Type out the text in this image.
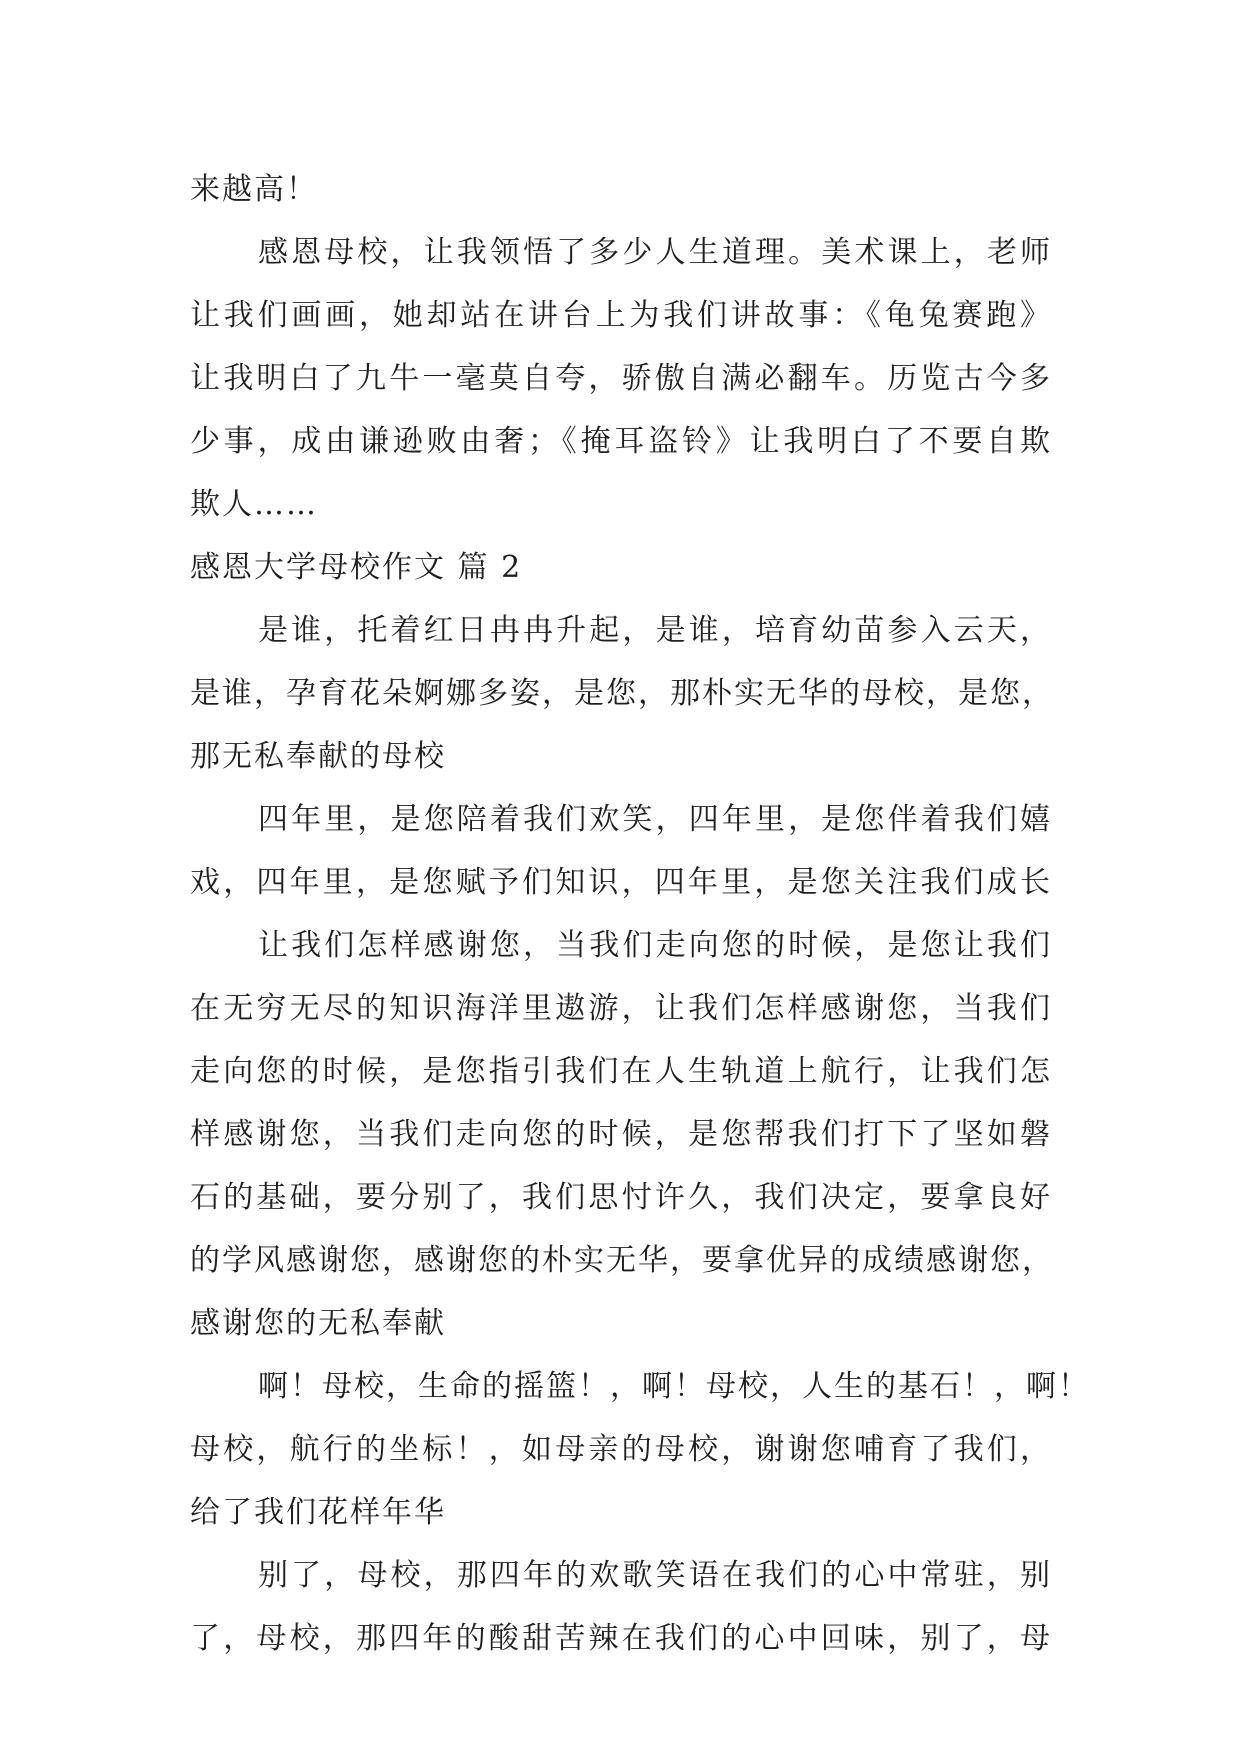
来越高！
感恩母校，让我领悟了多少人生道理。美术课上，老师
让我们画画，她却站在讲台上为我们讲故事：《龟兔赛跑》
让我明白了九牛一毫莫自夸，骄傲自满必翻车。历览古今多
少事，成由谦逊败由奢；《掩耳盗铃》让我明白了不要自欺
欺人……
感恩大学母校作文 篇 2
是谁，托着红日冉冉升起，是谁，培育幼苗参入云天，
是谁，孕育花朵婀娜多姿，是您，那朴实无华的母校，是您，
那无私奉献的母校
四年里，是您陪着我们欢笑，四年里，是您伴着我们嬉
戏，四年里，是您赋予们知识，四年里，是您关注我们成长
让我们怎样感谢您，当我们走向您的时候，是您让我们
在无穷无尽的知识海洋里遨游，让我们怎样感谢您，当我们
走向您的时候，是您指引我们在人生轨道上航行，让我们怎
样感谢您，当我们走向您的时候，是您帮我们打下了坚如磐
石的基础，要分别了，我们思忖许久，我们决定，要拿良好
的学风感谢您，感谢您的朴实无华，要拿优异的成绩感谢您，
感谢您的无私奉献
啊！母校，生命的摇篮！，啊！母校，人生的基石！，啊！
母校，航行的坐标！，如母亲的母校，谢谢您哺育了我们，
给了我们花样年华
别了，母校，那四年的欢歌笑语在我们的心中常驻，别
了，母校，那四年的酸甜苦辣在我们的心中回味，别了，母
